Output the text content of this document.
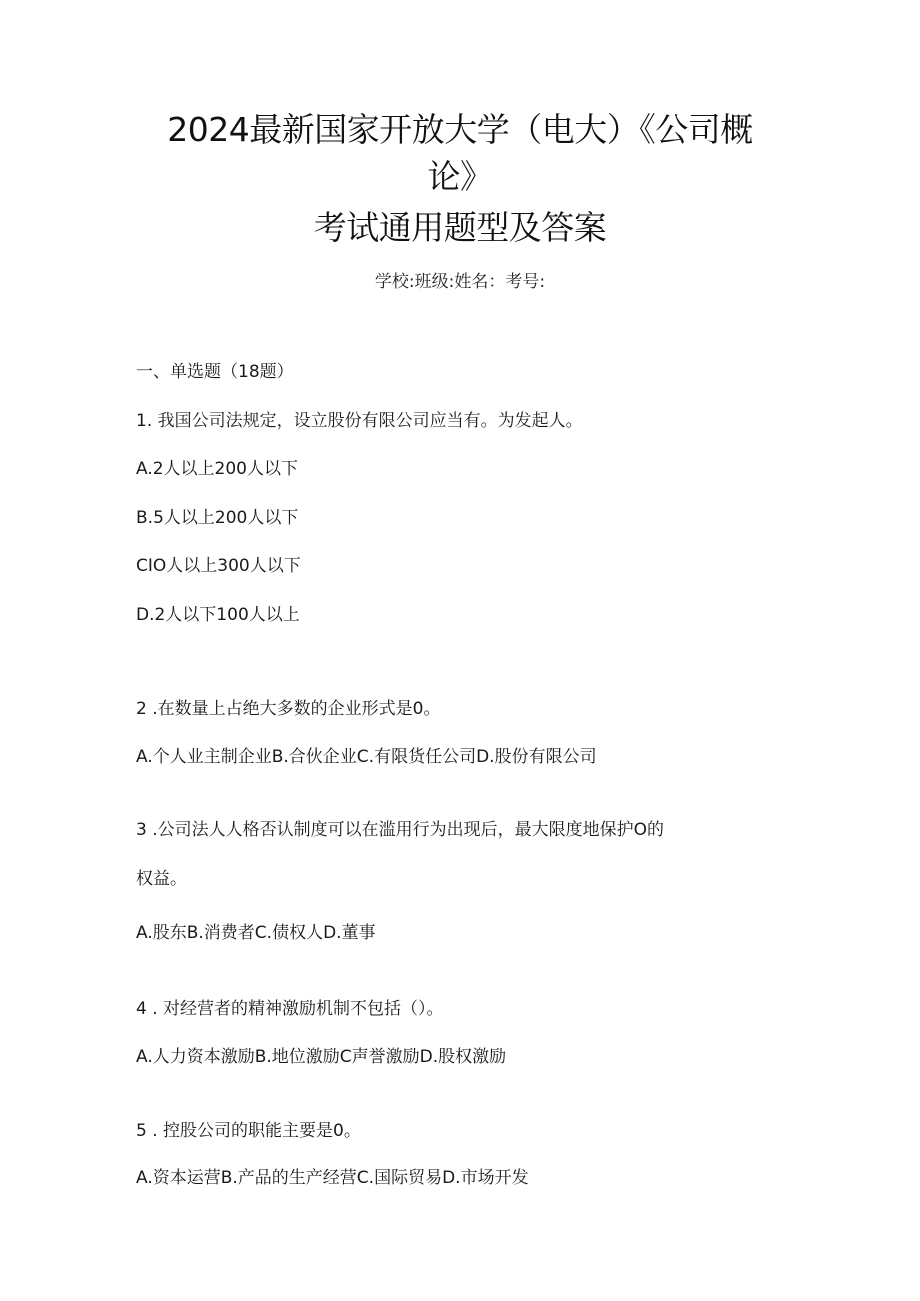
2024最新国家开放大学（电大）《公司概
论》
考试通用题型及答案
学校:班级:姓名：考号:
一、单选题（18题）
1. 我国公司法规定，设立股份有限公司应当有。为发起人。
A.2人以上200人以下
B.5人以上200人以下
CIO人以上300人以下
D.2人以下100人以上
2 .在数量上占绝大多数的企业形式是0。
A.个人业主制企业B.合伙企业C.有限货任公司D.股份有限公司
3 .公司法人人格否认制度可以在滥用行为出现后，最大限度地保护O的
权益。
A.股东B.消费者C.债权人D.董事
4 . 对经营者的精神激励机制不包括（）。
A.人力资本激励B.地位激励C声誉激励D.股权激励
5 . 控股公司的职能主要是0。
A.资本运营B.产品的生产经营C.国际贸易D.市场开发
